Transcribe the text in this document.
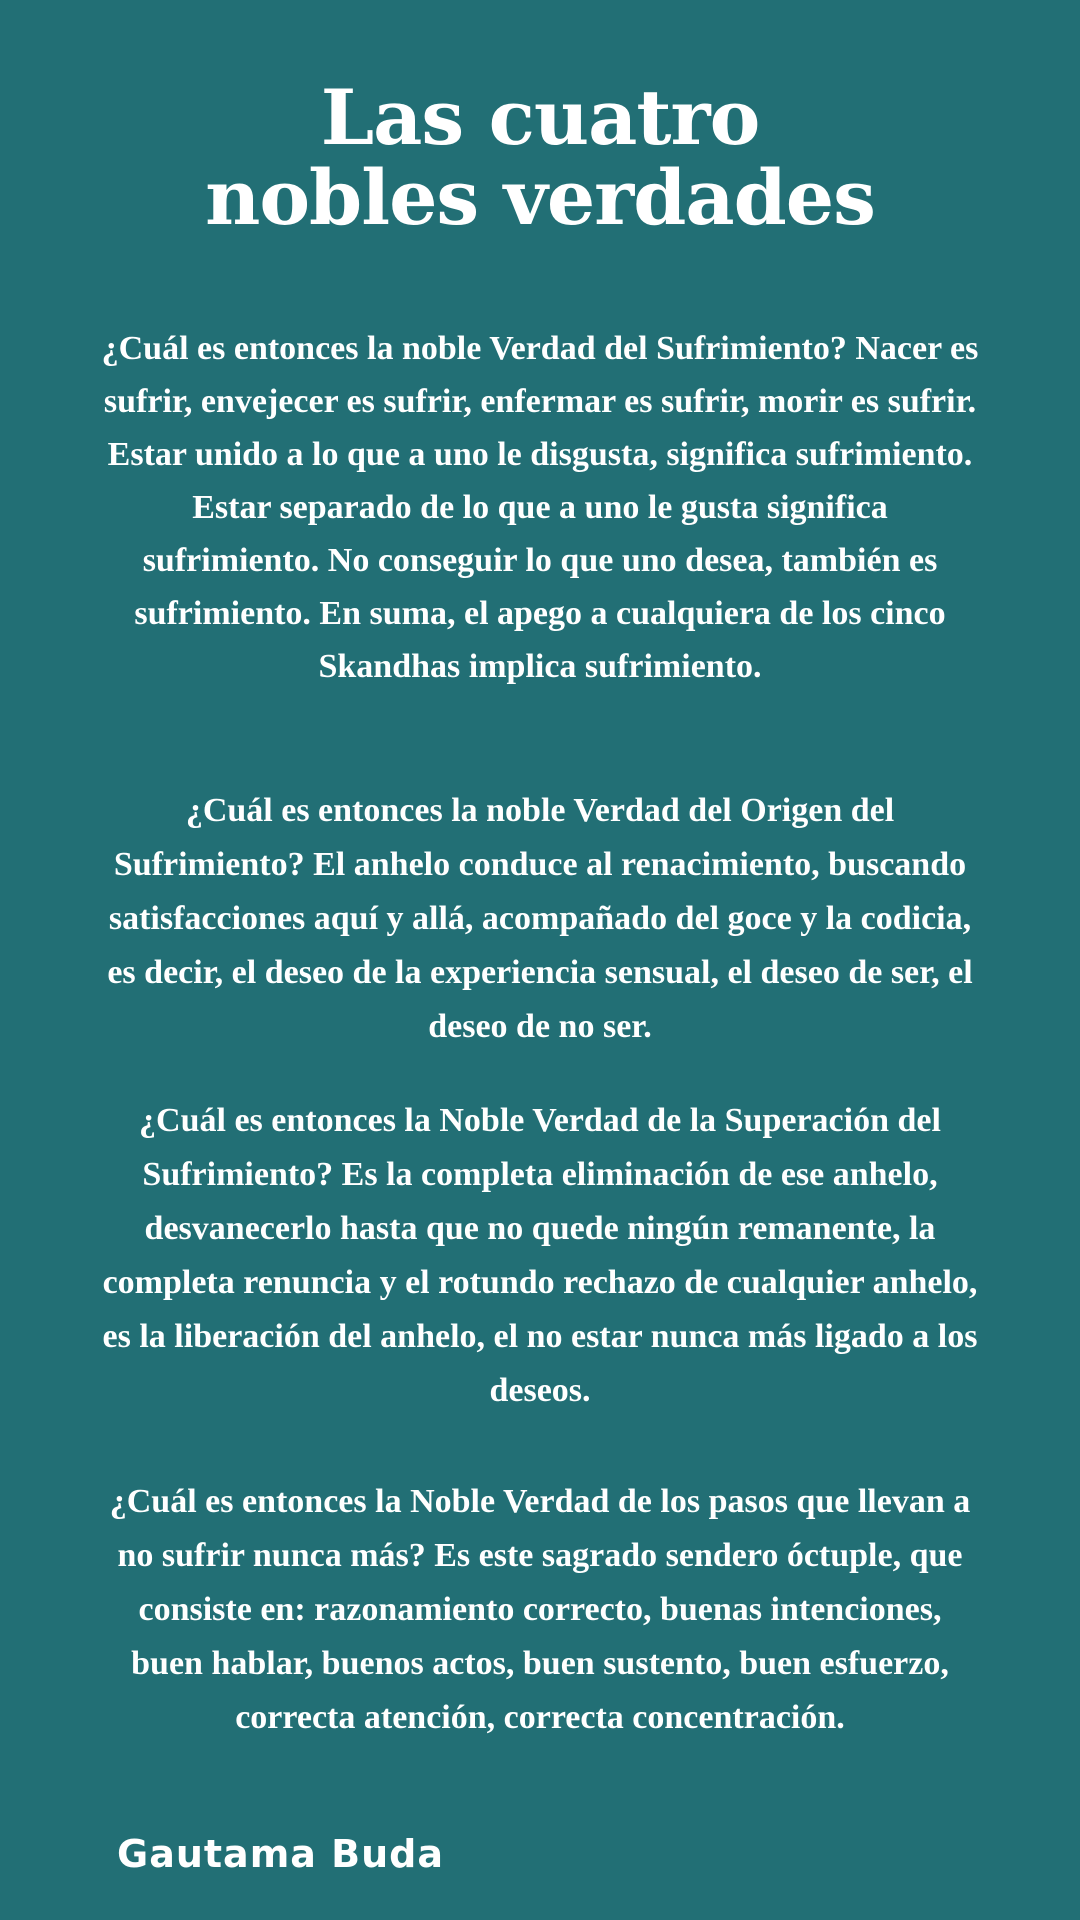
Las cuatro
nobles verdades

¿Cuál es entonces la noble Verdad del Sufrimiento? Nacer es sufrir, envejecer es sufrir, enfermar es sufrir, morir es sufrir. Estar unido a lo que a uno le disgusta, significa sufrimiento. Estar separado de lo que a uno le gusta significa sufrimiento. No conseguir lo que uno desea, también es sufrimiento. En suma, el apego a cualquiera de los cinco Skandhas implica sufrimiento.

¿Cuál es entonces la noble Verdad del Origen del Sufrimiento? El anhelo conduce al renacimiento, buscando satisfacciones aquí y allá, acompañado del goce y la codicia, es decir, el deseo de la experiencia sensual, el deseo de ser, el deseo de no ser.

¿Cuál es entonces la Noble Verdad de la Superación del Sufrimiento? Es la completa eliminación de ese anhelo, desvanecerlo hasta que no quede ningún remanente, la completa renuncia y el rotundo rechazo de cualquier anhelo, es la liberación del anhelo, el no estar nunca más ligado a los deseos.

¿Cuál es entonces la Noble Verdad de los pasos que llevan a no sufrir nunca más? Es este sagrado sendero óctuple, que consiste en: razonamiento correcto, buenas intenciones, buen hablar, buenos actos, buen sustento, buen esfuerzo, correcta atención, correcta concentración.

Gautama Buda
